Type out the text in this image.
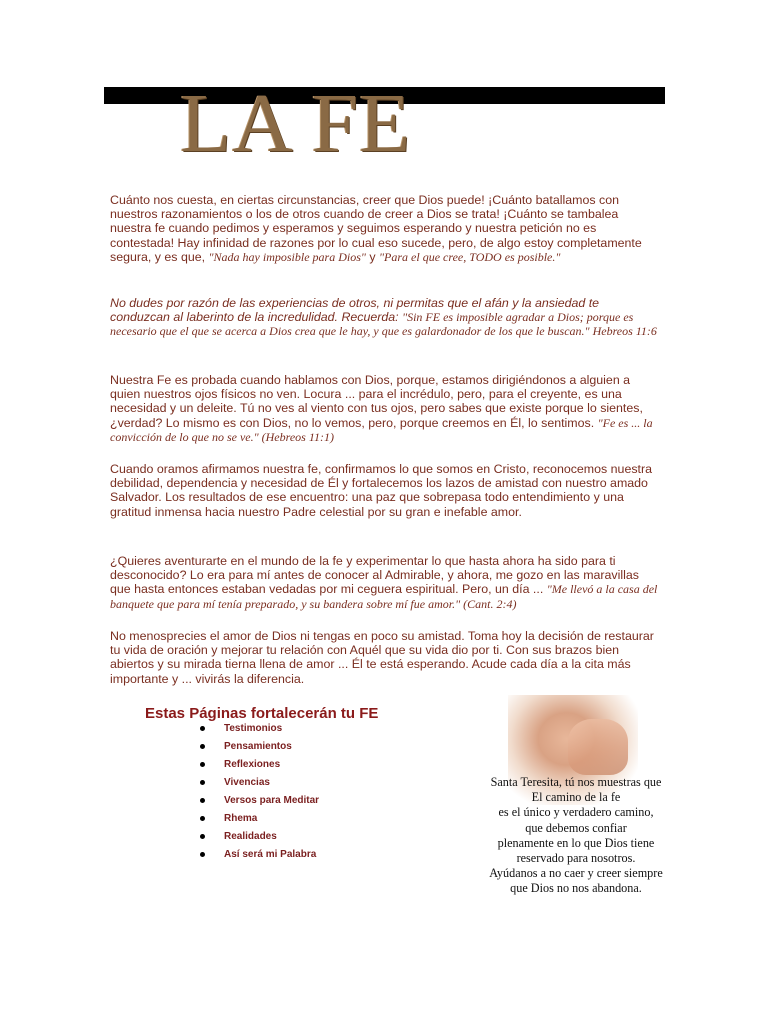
LA FE

Cuánto nos cuesta, en ciertas circunstancias, creer que Dios puede! ¡Cuánto batallamos con nuestros razonamientos o los de otros cuando de creer a Dios se trata! ¡Cuánto se tambalea nuestra fe cuando pedimos y esperamos y seguimos esperando y nuestra petición no es contestada! Hay infinidad de razones por lo cual eso sucede, pero, de algo estoy completamente segura, y es que, "Nada hay imposible para Dios" y "Para el que cree, TODO es posible."

No dudes por razón de las experiencias de otros, ni permitas que el afán y la ansiedad te conduzcan al laberinto de la incredulidad. Recuerda: "Sin FE es imposible agradar a Dios; porque es necesario que el que se acerca a Dios crea que le hay, y que es galardonador de los que le buscan." Hebreos 11:6

Nuestra Fe es probada cuando hablamos con Dios, porque, estamos dirigiéndonos a alguien a quien nuestros ojos físicos no ven. Locura ... para el incrédulo, pero, para el creyente, es una necesidad y un deleite. Tú no ves al viento con tus ojos, pero sabes que existe porque lo sientes, ¿verdad? Lo mismo es con Dios, no lo vemos, pero, porque creemos en Él, lo sentimos. "Fe es ... la convicción de lo que no se ve." (Hebreos 11:1)

Cuando oramos afirmamos nuestra fe, confirmamos lo que somos en Cristo, reconocemos nuestra debilidad, dependencia y necesidad de Él y fortalecemos los lazos de amistad con nuestro amado Salvador. Los resultados de ese encuentro: una paz que sobrepasa todo entendimiento y una gratitud inmensa hacia nuestro Padre celestial por su gran e inefable amor.

¿Quieres aventurarte en el mundo de la fe y experimentar lo que hasta ahora ha sido para ti desconocido? Lo era para mí antes de conocer al Admirable, y ahora, me gozo en las maravillas que hasta entonces estaban vedadas por mi ceguera espiritual. Pero, un día ... "Me llevó a la casa del banquete que para mí tenía preparado, y su bandera sobre mí fue amor." (Cant. 2:4)

No menosprecies el amor de Dios ni tengas en poco su amistad. Toma hoy la decisión de restaurar tu vida de oración y mejorar tu relación con Aquél que su vida dio por ti. Con sus brazos bien abiertos y su mirada tierna llena de amor ... Él te está esperando. Acude cada día a la cita más importante y ... vivirás la diferencia.

Estas Páginas fortalecerán tu FE
Testimonios
Pensamientos
Reflexiones
Vivencias
Versos para Meditar
Rhema
Realidades
Así será mi Palabra

Santa Teresita, tú nos muestras que
El camino de la fe
es el único y verdadero camino,
que debemos confiar
plenamente en lo que Dios tiene
reservado para nosotros.
Ayúdanos a no caer y creer siempre
que Dios no nos abandona.
